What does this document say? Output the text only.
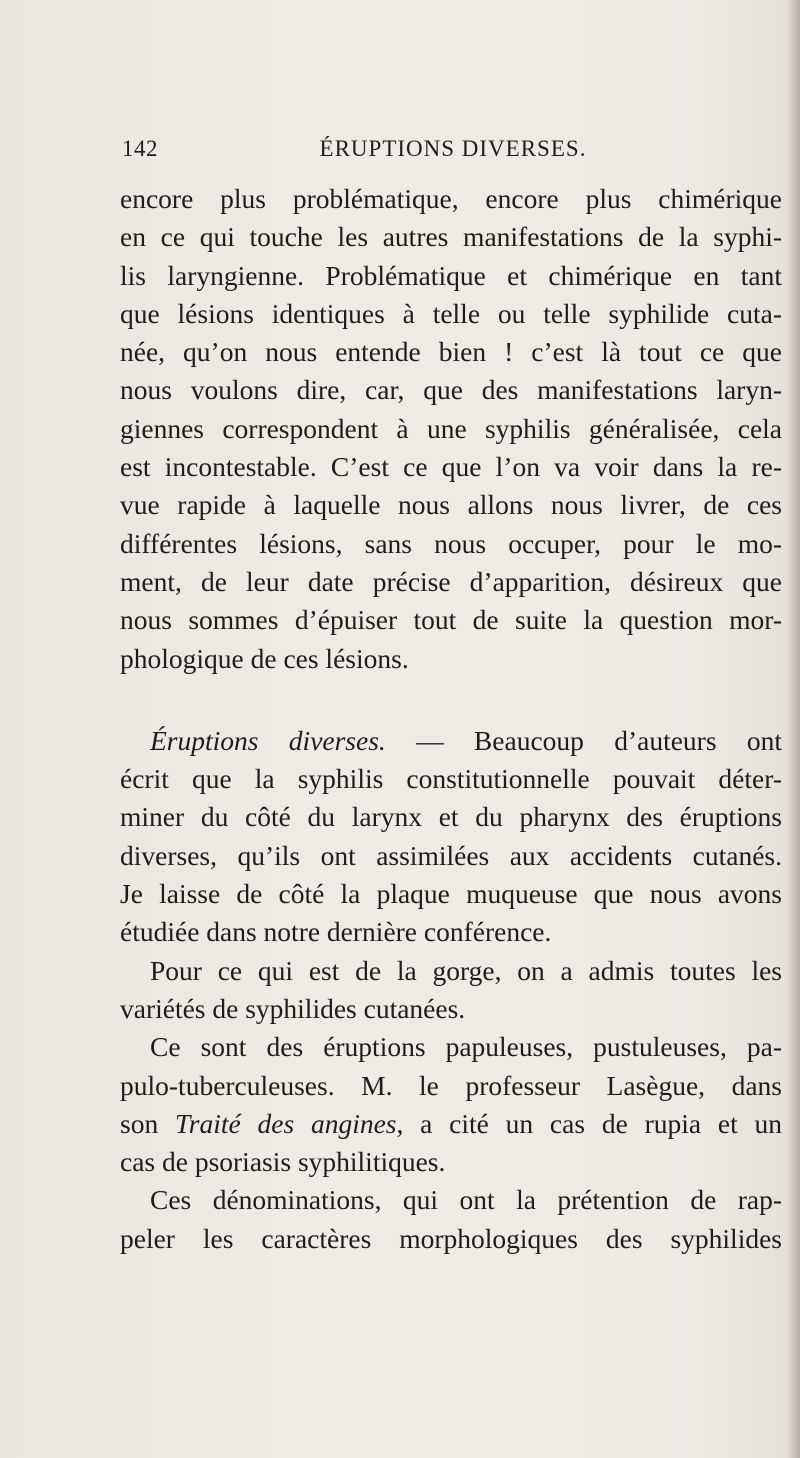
142	ÉRUPTIONS DIVERSES.
encore plus problématique, encore plus chimérique
en ce qui touche les autres manifestations de la syphi-
lis laryngienne. Problématique et chimérique en tant
que lésions identiques à telle ou telle syphilide cuta-
née, qu’on nous entende bien ! c’est là tout ce que
nous voulons dire, car, que des manifestations laryn-
giennes correspondent à une syphilis généralisée, cela
est incontestable. C’est ce que l’on va voir dans la re-
vue rapide à laquelle nous allons nous livrer, de ces
différentes lésions, sans nous occuper, pour le mo-
ment, de leur date précise d’apparition, désireux que
nous sommes d’épuiser tout de suite la question mor-
phologique de ces lésions.
Éruptions diverses. — Beaucoup d’auteurs ont
écrit que la syphilis constitutionnelle pouvait déter-
miner du côté du larynx et du pharynx des éruptions
diverses, qu’ils ont assimilées aux accidents cutanés.
Je laisse de côté la plaque muqueuse que nous avons
étudiée dans notre dernière conférence.
Pour ce qui est de la gorge, on a admis toutes les
variétés de syphilides cutanées.
Ce sont des éruptions papuleuses, pustuleuses, pa-
pulo-tuberculeuses. M. le professeur Lasègue, dans
son Traité des angines, a cité un cas de rupia et un
cas de psoriasis syphilitiques.
Ces dénominations, qui ont la prétention de rap-
peler les caractères morphologiques des syphilides
